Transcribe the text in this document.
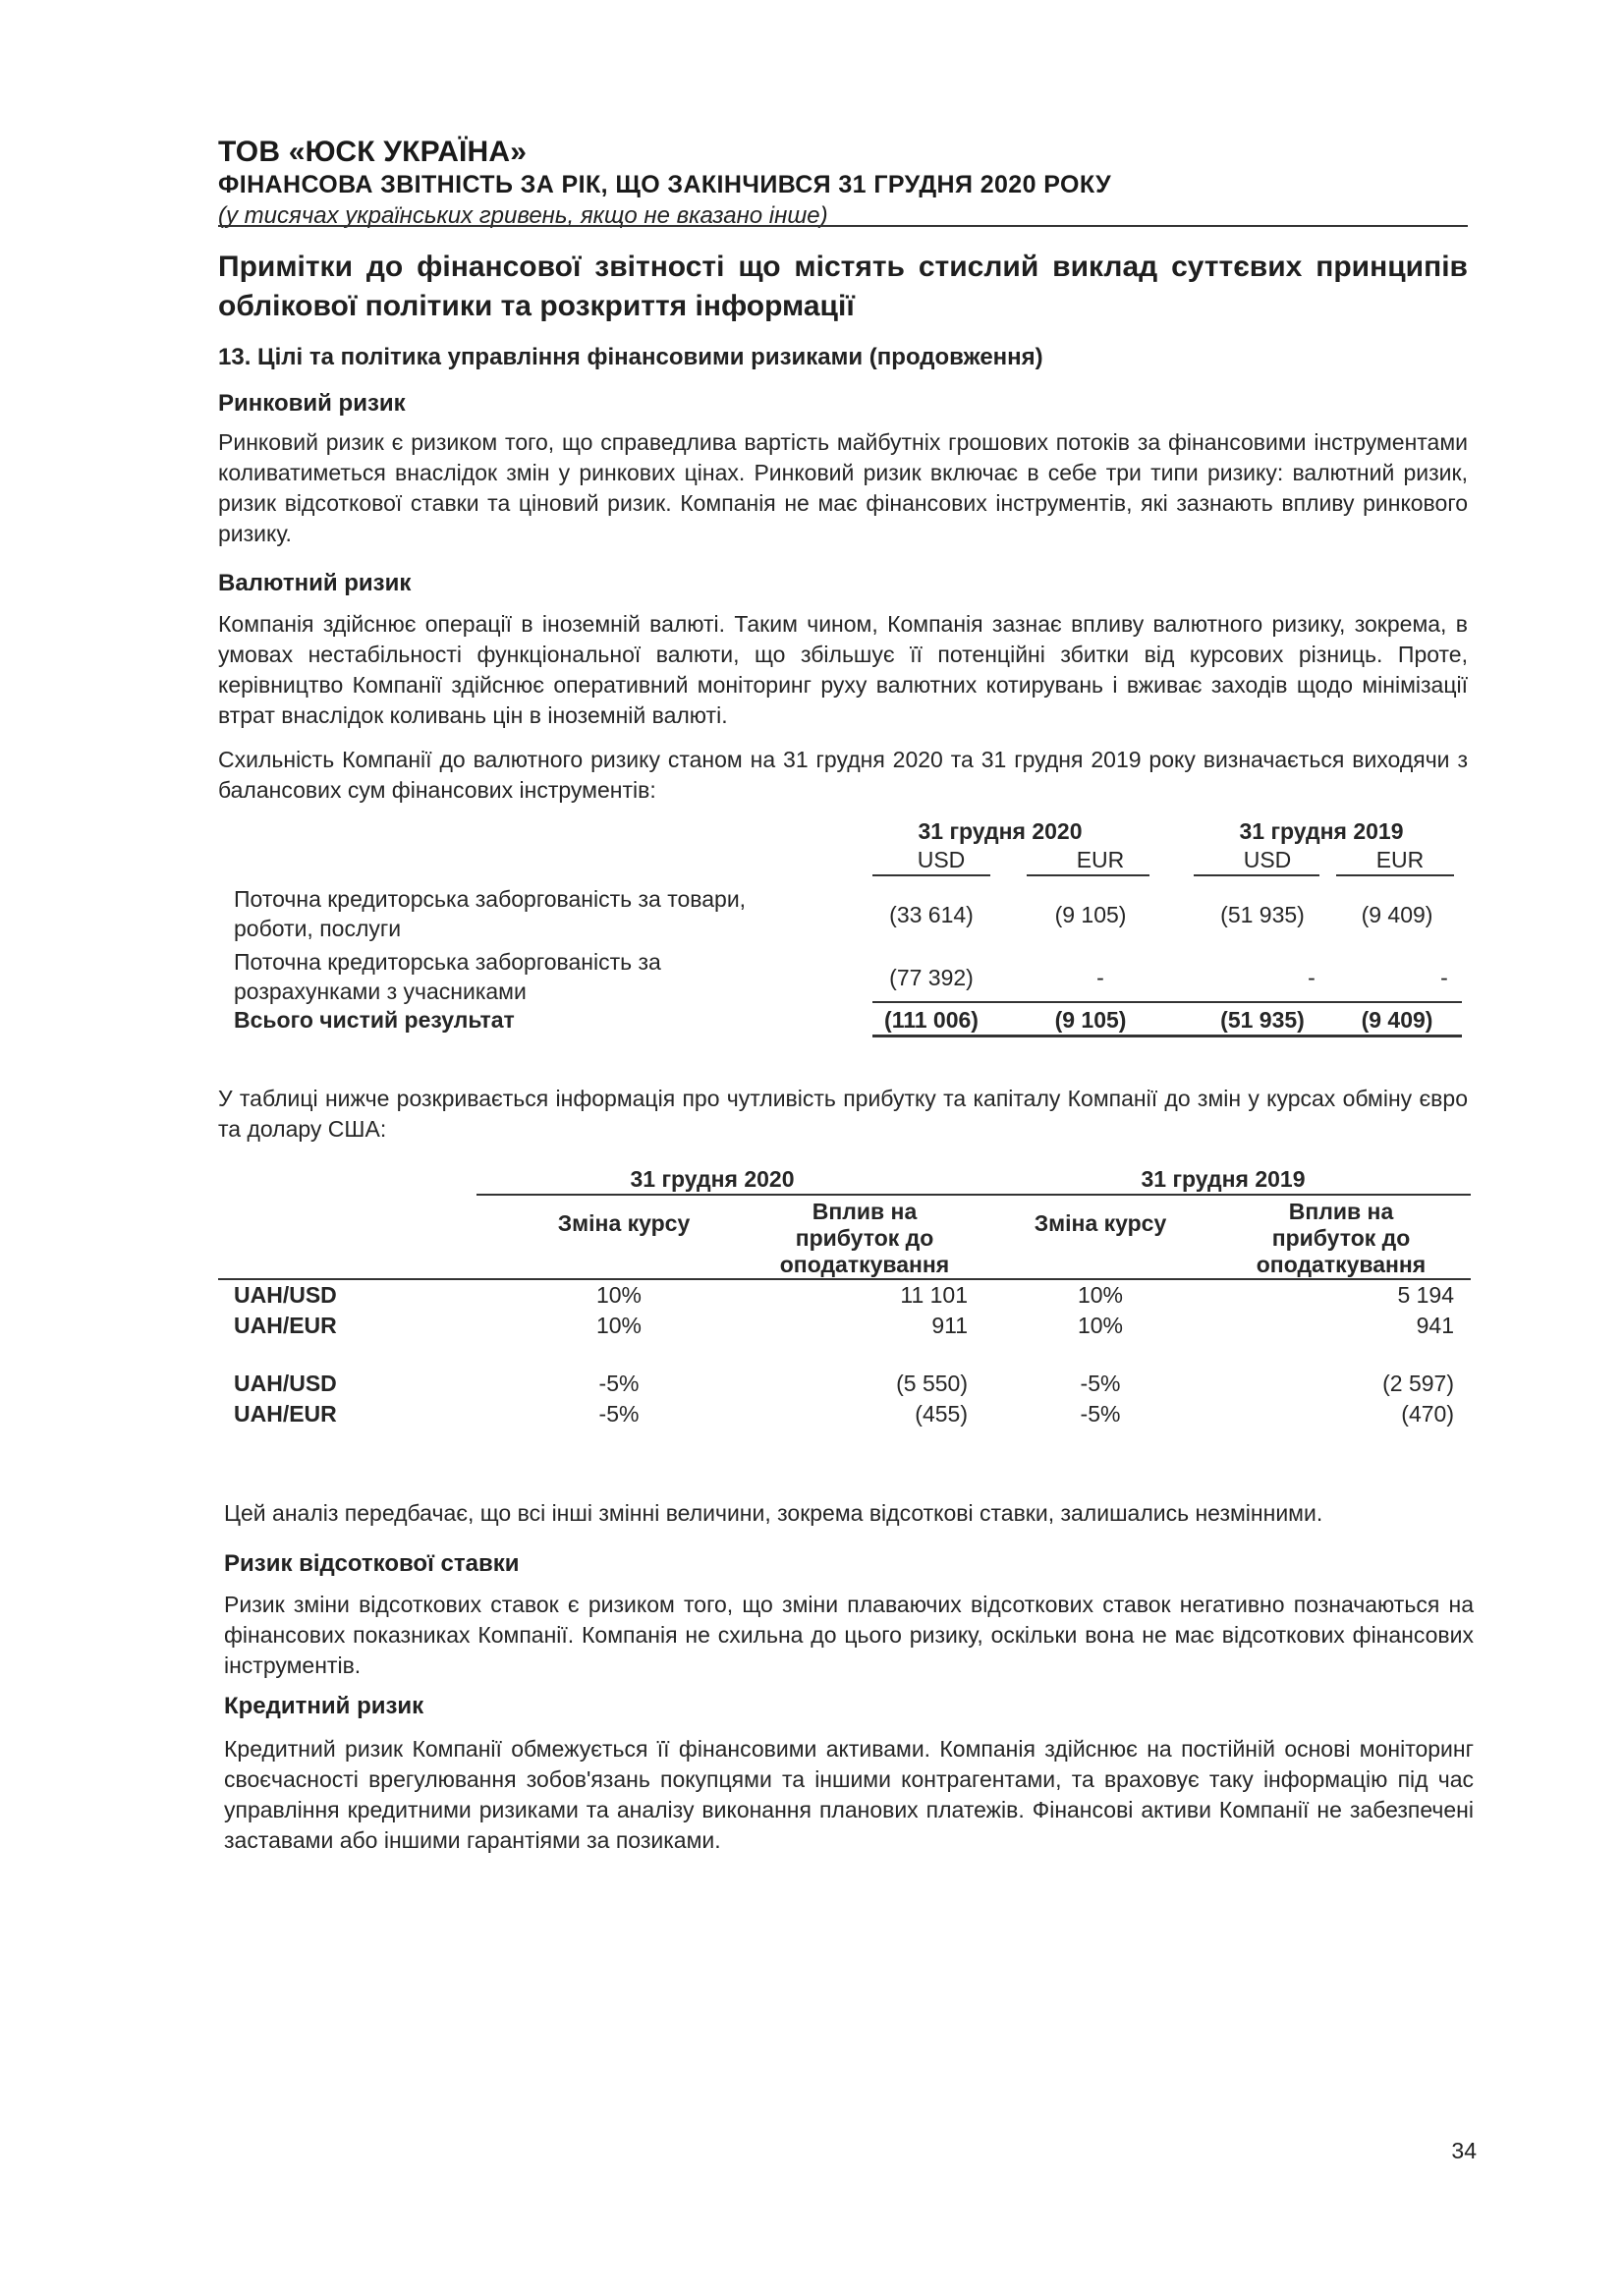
ТОВ «ЮСК УКРАЇНА»
ФІНАНСОВА ЗВІТНІСТЬ ЗА РІК, ЩО ЗАКІНЧИВСЯ 31 ГРУДНЯ 2020 РОКУ
(у тисячах українських гривень, якщо не вказано інше)
Примітки до фінансової звітності що містять стислий виклад суттєвих принципів облікової політики та розкриття інформації
13. Цілі та політика управління фінансовими ризиками (продовження)
Ринковий ризик
Ринковий ризик є ризиком того, що справедлива вартість майбутніх грошових потоків за фінансовими інструментами коливатиметься внаслідок змін у ринкових цінах. Ринковий ризик включає в себе три типи ризику: валютний ризик, ризик відсоткової ставки та ціновий ризик. Компанія не має фінансових інструментів, які зазнають впливу ринкового ризику.
Валютний ризик
Компанія здійснює операції в іноземній валюті. Таким чином, Компанія зазнає впливу валютного ризику, зокрема, в умовах нестабільності функціональної валюти, що збільшує її потенційні збитки від курсових різниць. Проте, керівництво Компанії здійснює оперативний моніторинг руху валютних котирувань і вживає заходів щодо мінімізації втрат внаслідок коливань цін в іноземній валюті.
Схильність Компанії до валютного ризику станом на 31 грудня 2020 та 31 грудня 2019 року визначається виходячи з балансових сум фінансових інструментів:
31 грудня 2020	31 грудня 2019
USD	EUR	USD	EUR
Поточна кредиторська заборгованість за товари,
роботи, послуги
(33 614)	(9 105)	(51 935)	(9 409)
Поточна кредиторська заборгованість за
розрахунками з учасниками
(77 392)	-	-	-
Всього чистий результат	(111 006)	(9 105)	(51 935)	(9 409)
У таблиці нижче розкривається інформація про чутливість прибутку та капіталу Компанії до змін у курсах обміну євро та долару США:
31 грудня 2020	31 грудня 2019
Зміна курсу	Вплив на
прибуток до
оподаткування
Зміна курсу	Вплив на
прибуток до
оподаткування
UAH/USD	10%	11 101	10%	5 194
UAH/EUR	10%	911	10%	941
UAH/USD	-5%	(5 550)	-5%	(2 597)
UAH/EUR	-5%	(455)	-5%	(470)
Цей аналіз передбачає, що всі інші змінні величини, зокрема відсоткові ставки, залишались незмінними.
Ризик відсоткової ставки
Ризик зміни відсоткових ставок є ризиком того, що зміни плаваючих відсоткових ставок негативно позначаються на фінансових показниках Компанії. Компанія не схильна до цього ризику, оскільки вона не має відсоткових фінансових інструментів.
Кредитний ризик
Кредитний ризик Компанії обмежується її фінансовими активами. Компанія здійснює на постійній основі моніторинг своєчасності врегулювання зобов'язань покупцями та іншими контрагентами, та враховує таку інформацію під час управління кредитними ризиками та аналізу виконання планових платежів. Фінансові активи Компанії не забезпечені заставами або іншими гарантіями за позиками.
34
